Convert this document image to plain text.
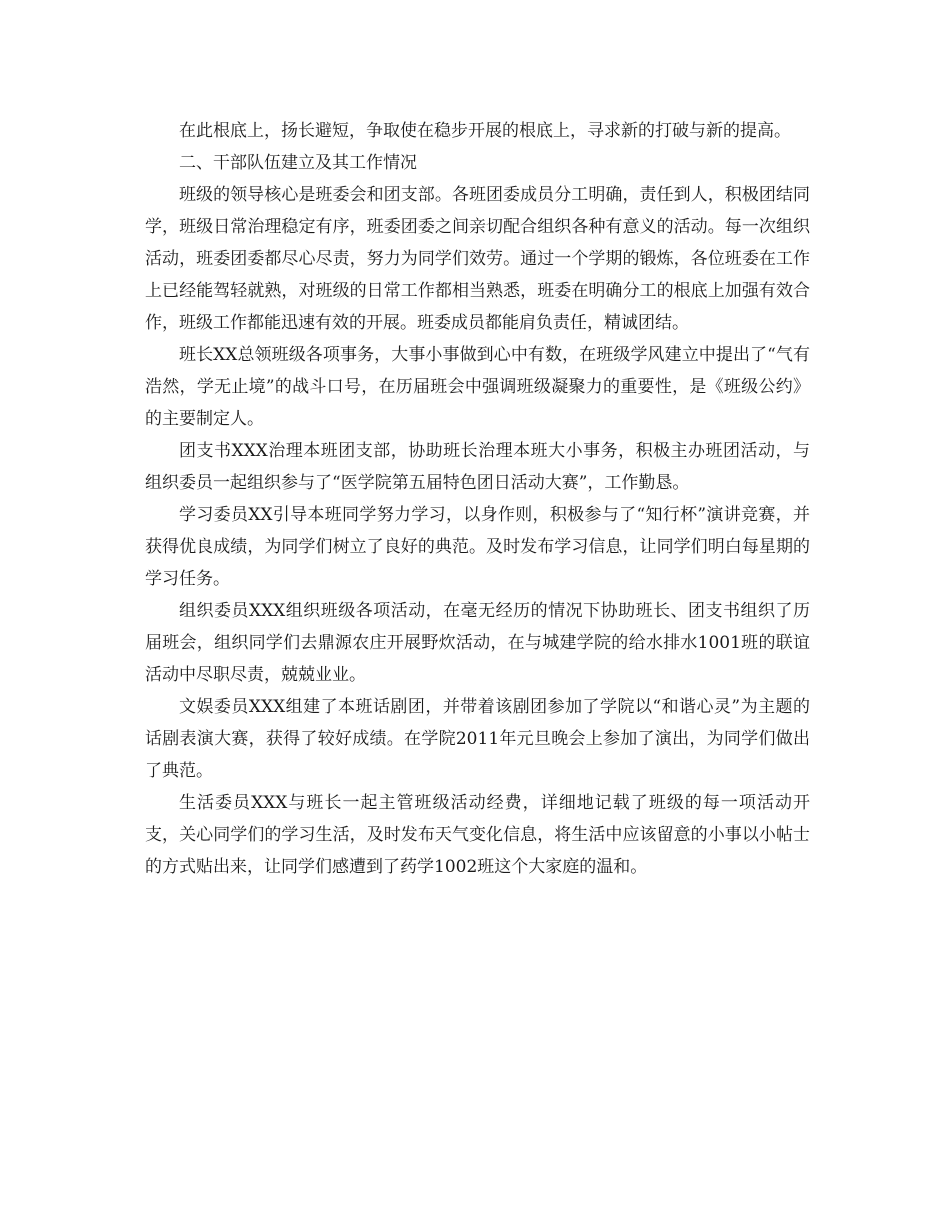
在此根底上，扬长避短，争取使在稳步开展的根底上，寻求新的打破与新的提高。

二、干部队伍建立及其工作情况

班级的领导核心是班委会和团支部。各班团委成员分工明确，责任到人，积极团结同学，班级日常治理稳定有序，班委团委之间亲切配合组织各种有意义的活动。每一次组织活动，班委团委都尽心尽责，努力为同学们效劳。通过一个学期的锻炼，各位班委在工作上已经能驾轻就熟，对班级的日常工作都相当熟悉，班委在明确分工的根底上加强有效合作，班级工作都能迅速有效的开展。班委成员都能肩负责任，精诚团结。

班长XX总领班级各项事务，大事小事做到心中有数，在班级学风建立中提出了“气有浩然，学无止境”的战斗口号，在历届班会中强调班级凝聚力的重要性，是《班级公约》的主要制定人。

团支书XXX治理本班团支部，协助班长治理本班大小事务，积极主办班团活动，与组织委员一起组织参与了“医学院第五届特色团日活动大赛”，工作勤恳。

学习委员XX引导本班同学努力学习，以身作则，积极参与了“知行杯”演讲竞赛，并获得优良成绩，为同学们树立了良好的典范。及时发布学习信息，让同学们明白每星期的学习任务。

组织委员XXX组织班级各项活动，在毫无经历的情况下协助班长、团支书组织了历届班会，组织同学们去鼎源农庄开展野炊活动，在与城建学院的给水排水1001班的联谊活动中尽职尽责，兢兢业业。

文娱委员XXX组建了本班话剧团，并带着该剧团参加了学院以“和谐心灵”为主题的话剧表演大赛，获得了较好成绩。在学院2011年元旦晚会上参加了演出，为同学们做出了典范。

生活委员XXX与班长一起主管班级活动经费，详细地记载了班级的每一项活动开支，关心同学们的学习生活，及时发布天气变化信息，将生活中应该留意的小事以小帖士的方式贴出来，让同学们感遭到了药学1002班这个大家庭的温和。
